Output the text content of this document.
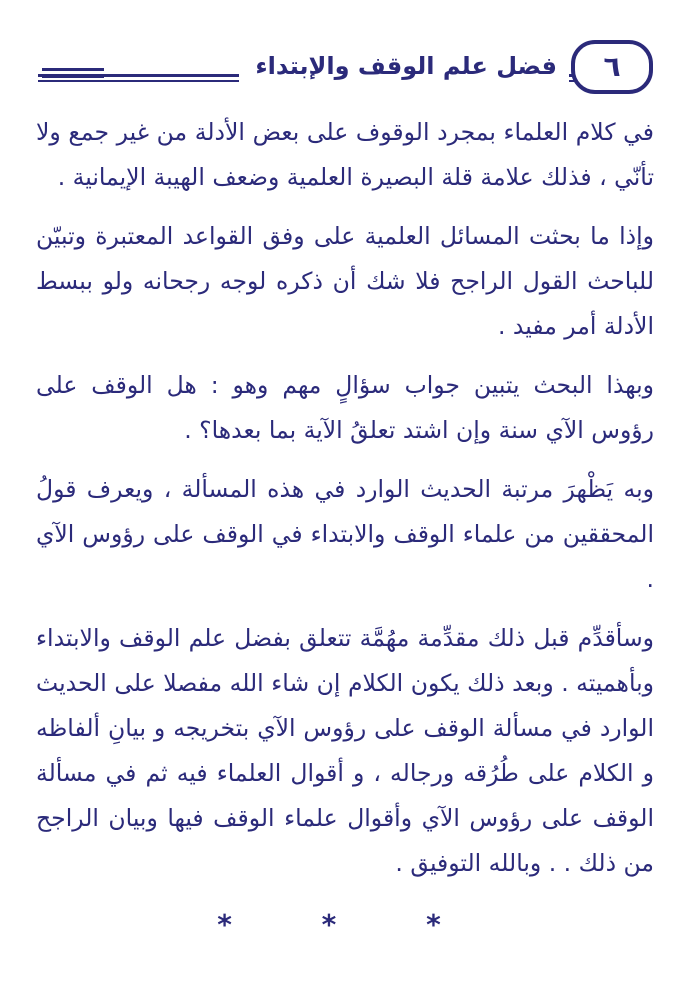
فضل علم الوقف والإبتداء	٦

في كلام العلماء بمجرد الوقوف على بعض الأدلة من غير جمع ولا تأنّي ، فذلك علامة قلة البصيرة العلمية وضعف الهيبة الإيمانية .

وإذا ما بحثت المسائل العلمية على وفق القواعد المعتبرة وتبيّن للباحث القول الراجح فلا شك أن ذكره لوجه رجحانه ولو ببسط الأدلة أمر مفيد .

وبهذا البحث يتبين جواب سؤالٍ مهم وهو : هل الوقف على رؤوس الآي سنة وإن اشتد تعلقُ الآية بما بعدها؟ .

وبه يَظْهرَ مرتبة الحديث الوارد في هذه المسألة ، ويعرف قولُ المحققين من علماء الوقف والابتداء في الوقف على رؤوس الآي .

وسأقدِّم قبل ذلك مقدِّمة مهُمَّة تتعلق بفضل علم الوقف والابتداء وبأهميته . وبعد ذلك يكون الكلام إن شاء الله مفصلا على الحديث الوارد في مسألة الوقف على رؤوس الآي بتخريجه و بيانِ ألفاظه و الكلام على طُرُقه ورجاله ، و أقوال العلماء فيه ثم في مسألة الوقف على رؤوس الآي وأقوال علماء الوقف فيها وبيان الراجح من ذلك . . وبالله التوفيق .

* * *
